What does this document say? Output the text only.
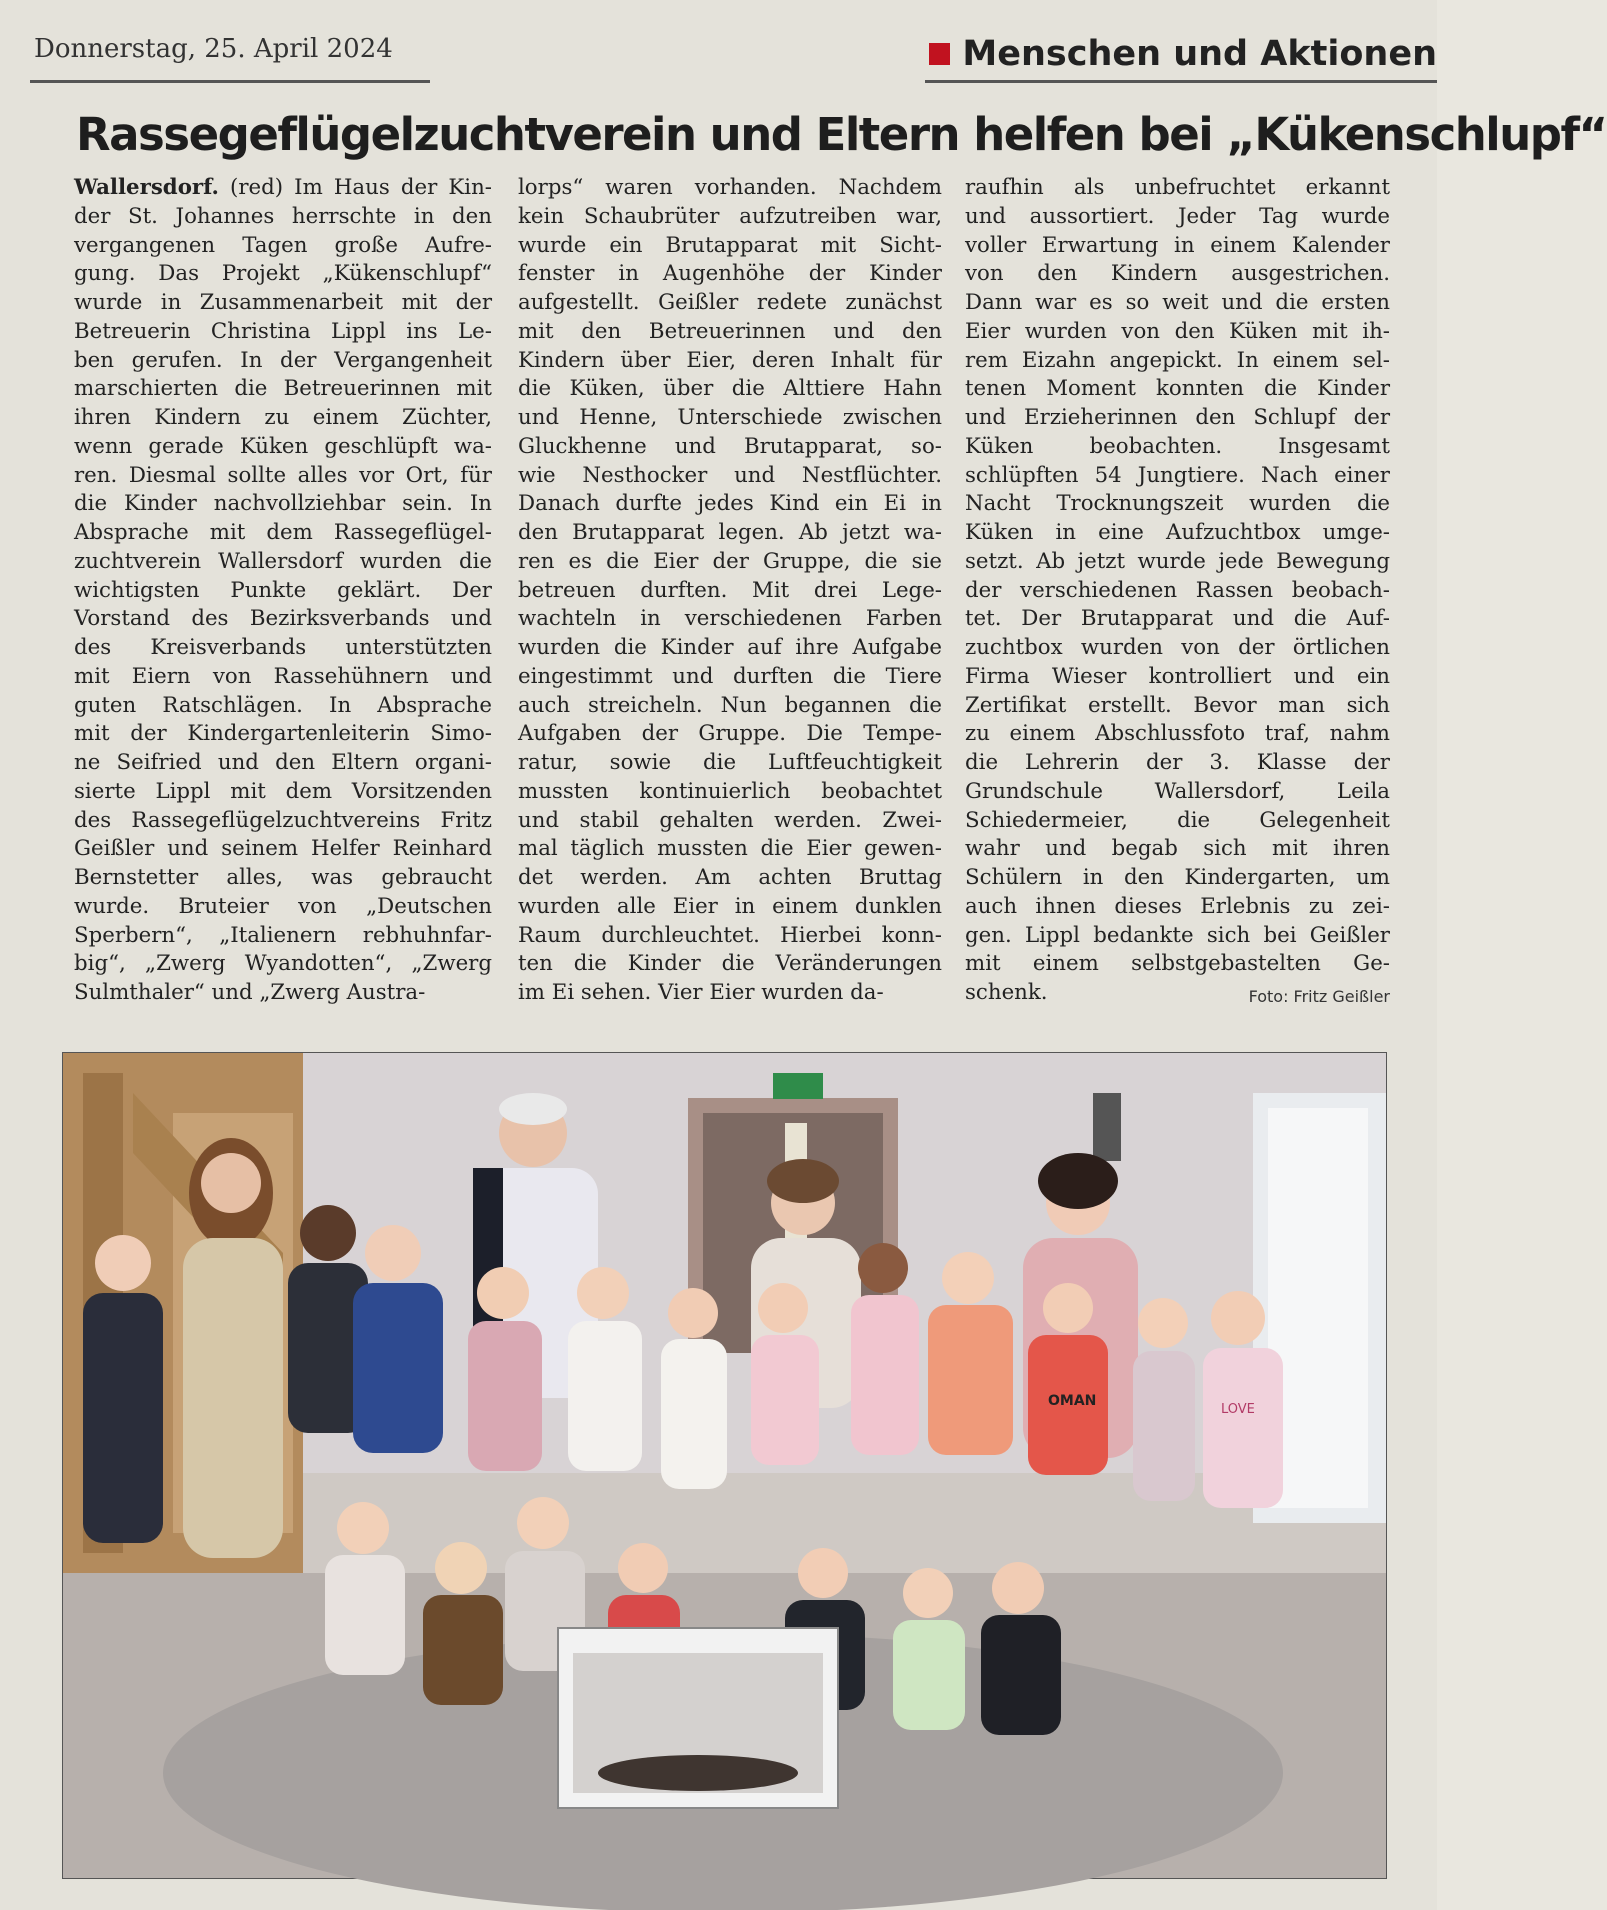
Donnerstag, 25. April 2024	Menschen und Aktionen
Rassegeflügelzuchtverein und Eltern helfen bei „Kükenschlupf“
Wallersdorf. (red) Im Haus der Kin-
der St. Johannes herrschte in den
vergangenen Tagen große Aufre-
gung. Das Projekt „Kükenschlupf“
wurde in Zusammenarbeit mit der
Betreuerin Christina Lippl ins Le-
ben gerufen. In der Vergangenheit
marschierten die Betreuerinnen mit
ihren Kindern zu einem Züchter,
wenn gerade Küken geschlüpft wa-
ren. Diesmal sollte alles vor Ort, für
die Kinder nachvollziehbar sein. In
Absprache mit dem Rassegeflügel-
zuchtverein Wallersdorf wurden die
wichtigsten Punkte geklärt. Der
Vorstand des Bezirksverbands und
des Kreisverbands unterstützten
mit Eiern von Rassehühnern und
guten Ratschlägen. In Absprache
mit der Kindergartenleiterin Simo-
ne Seifried und den Eltern organi-
sierte Lippl mit dem Vorsitzenden
des Rassegeflügelzuchtvereins Fritz
Geißler und seinem Helfer Reinhard
Bernstetter alles, was gebraucht
wurde. Bruteier von „Deutschen
Sperbern“, „Italienern rebhuhnfar-
big“, „Zwerg Wyandotten“, „Zwerg
Sulmthaler“ und „Zwerg Austra-
lorps“ waren vorhanden. Nachdem
kein Schaubrüter aufzutreiben war,
wurde ein Brutapparat mit Sicht-
fenster in Augenhöhe der Kinder
aufgestellt. Geißler redete zunächst
mit den Betreuerinnen und den
Kindern über Eier, deren Inhalt für
die Küken, über die Alttiere Hahn
und Henne, Unterschiede zwischen
Gluckhenne und Brutapparat, so-
wie Nesthocker und Nestflüchter.
Danach durfte jedes Kind ein Ei in
den Brutapparat legen. Ab jetzt wa-
ren es die Eier der Gruppe, die sie
betreuen durften. Mit drei Lege-
wachteln in verschiedenen Farben
wurden die Kinder auf ihre Aufgabe
eingestimmt und durften die Tiere
auch streicheln. Nun begannen die
Aufgaben der Gruppe. Die Tempe-
ratur, sowie die Luftfeuchtigkeit
mussten kontinuierlich beobachtet
und stabil gehalten werden. Zwei-
mal täglich mussten die Eier gewen-
det werden. Am achten Bruttag
wurden alle Eier in einem dunklen
Raum durchleuchtet. Hierbei konn-
ten die Kinder die Veränderungen
im Ei sehen. Vier Eier wurden da-
raufhin als unbefruchtet erkannt
und aussortiert. Jeder Tag wurde
voller Erwartung in einem Kalender
von den Kindern ausgestrichen.
Dann war es so weit und die ersten
Eier wurden von den Küken mit ih-
rem Eizahn angepickt. In einem sel-
tenen Moment konnten die Kinder
und Erzieherinnen den Schlupf der
Küken beobachten. Insgesamt
schlüpften 54 Jungtiere. Nach einer
Nacht Trocknungszeit wurden die
Küken in eine Aufzuchtbox umge-
setzt. Ab jetzt wurde jede Bewegung
der verschiedenen Rassen beobach-
tet. Der Brutapparat und die Auf-
zuchtbox wurden von der örtlichen
Firma Wieser kontrolliert und ein
Zertifikat erstellt. Bevor man sich
zu einem Abschlussfoto traf, nahm
die Lehrerin der 3. Klasse der
Grundschule Wallersdorf, Leila
Schiedermeier, die Gelegenheit
wahr und begab sich mit ihren
Schülern in den Kindergarten, um
auch ihnen dieses Erlebnis zu zei-
gen. Lippl bedankte sich bei Geißler
mit einem selbstgebastelten Ge-
schenk.	Foto: Fritz Geißler
OMAN
LOVE
